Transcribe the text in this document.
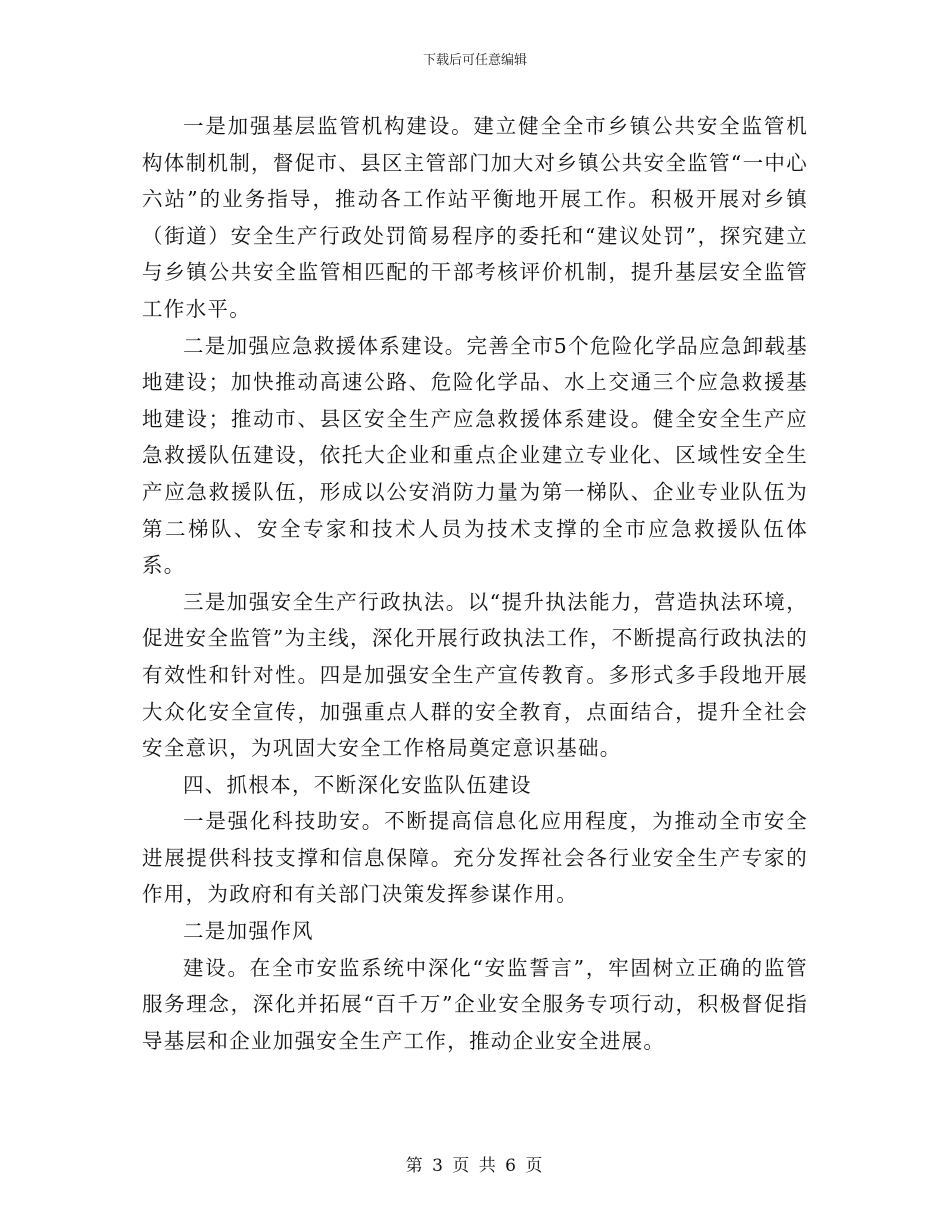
下载后可任意编辑

一是加强基层监管机构建设。建立健全全市乡镇公共安全监管机构体制机制，督促市、县区主管部门加大对乡镇公共安全监管“一中心六站”的业务指导，推动各工作站平衡地开展工作。积极开展对乡镇（街道）安全生产行政处罚简易程序的委托和“建议处罚”，探究建立与乡镇公共安全监管相匹配的干部考核评价机制，提升基层安全监管工作水平。

二是加强应急救援体系建设。完善全市5个危险化学品应急卸载基地建设；加快推动高速公路、危险化学品、水上交通三个应急救援基地建设；推动市、县区安全生产应急救援体系建设。健全安全生产应急救援队伍建设，依托大企业和重点企业建立专业化、区域性安全生产应急救援队伍，形成以公安消防力量为第一梯队、企业专业队伍为第二梯队、安全专家和技术人员为技术支撑的全市应急救援队伍体系。

三是加强安全生产行政执法。以“提升执法能力，营造执法环境，促进安全监管”为主线，深化开展行政执法工作，不断提高行政执法的有效性和针对性。四是加强安全生产宣传教育。多形式多手段地开展大众化安全宣传，加强重点人群的安全教育，点面结合，提升全社会安全意识，为巩固大安全工作格局奠定意识基础。

四、抓根本，不断深化安监队伍建设

一是强化科技助安。不断提高信息化应用程度，为推动全市安全进展提供科技支撑和信息保障。充分发挥社会各行业安全生产专家的作用，为政府和有关部门决策发挥参谋作用。

二是加强作风

建设。在全市安监系统中深化“安监誓言”，牢固树立正确的监管服务理念，深化并拓展“百千万”企业安全服务专项行动，积极督促指导基层和企业加强安全生产工作，推动企业安全进展。

第 3 页 共 6 页
